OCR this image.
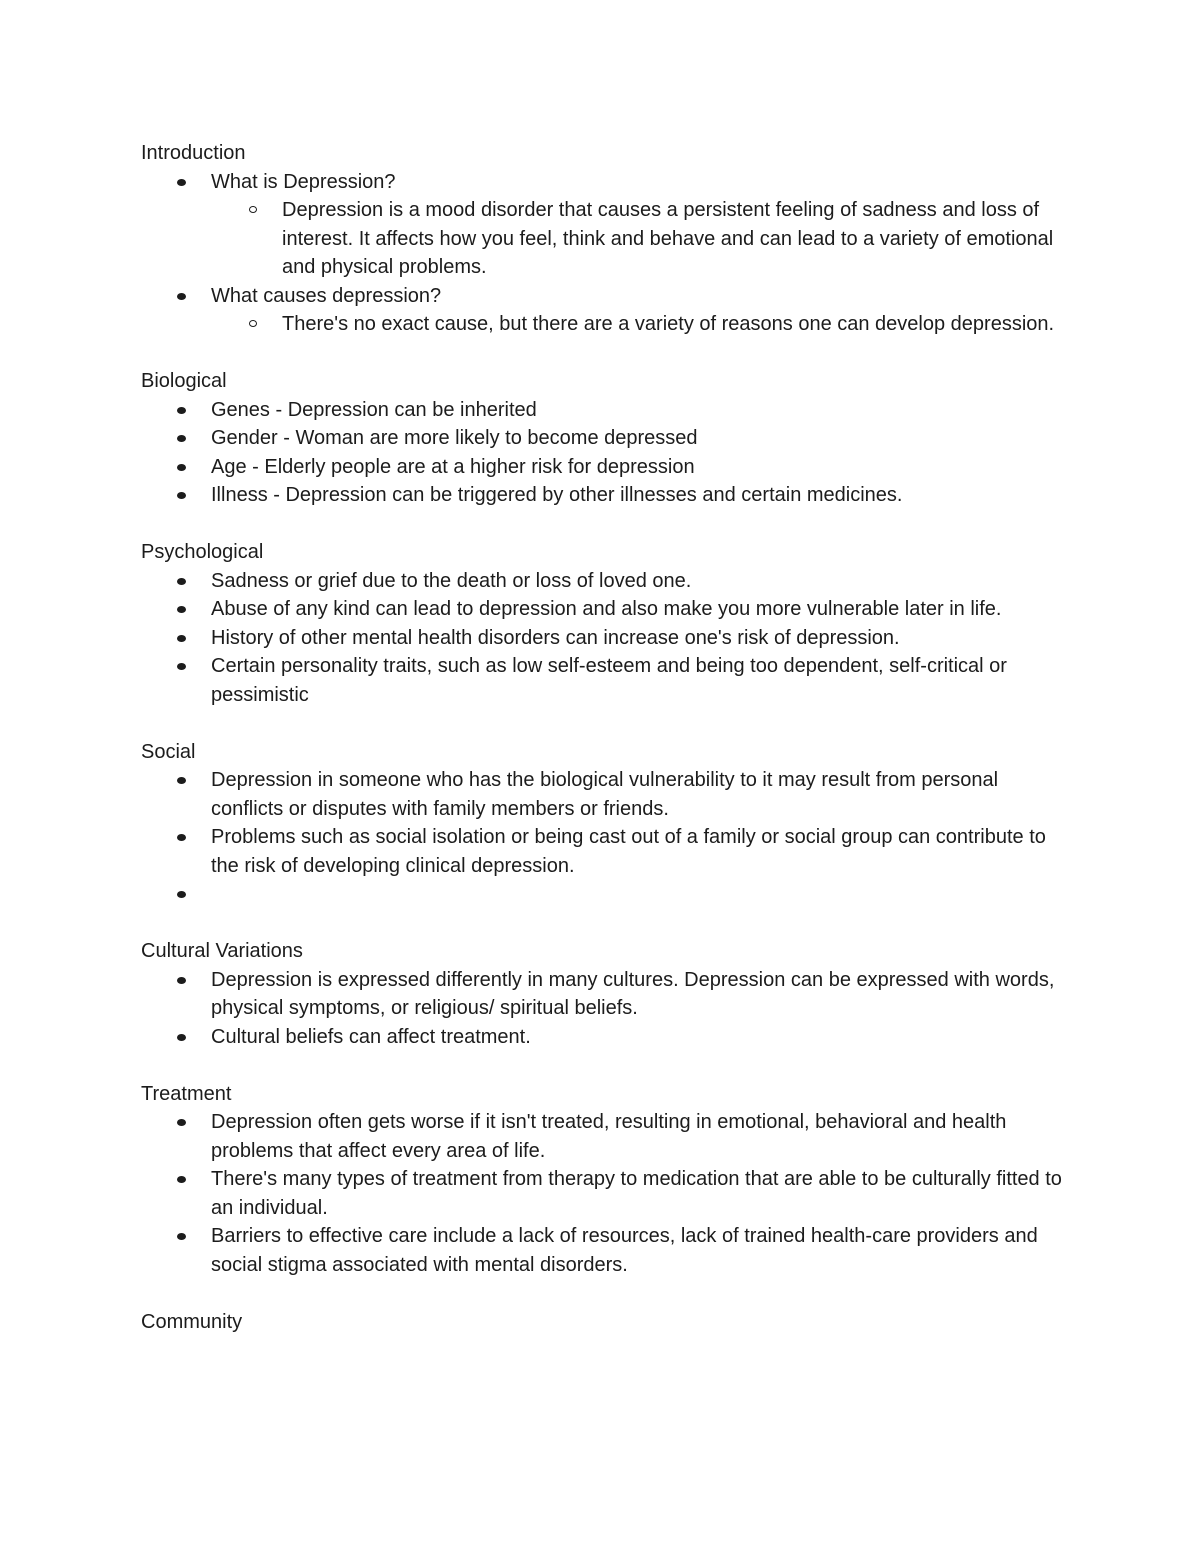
Introduction
What is Depression?
Depression is a mood disorder that causes a persistent feeling of sadness and loss of interest. It affects how you feel, think and behave and can lead to a variety of emotional and physical problems.
What causes depression?
There's no exact cause, but there are a variety of reasons one can develop depression.
Biological
Genes - Depression can be inherited
Gender - Woman are more likely to become depressed
Age - Elderly people are at a higher risk for depression
Illness - Depression can be triggered by other illnesses and certain medicines.
Psychological
Sadness or grief due to the death or loss of loved one.
Abuse of any kind can lead to depression and also make you more vulnerable later in life.
History of other mental health disorders can increase one's risk of depression.
Certain personality traits, such as low self-esteem and being too dependent, self-critical or pessimistic
Social
Depression in someone who has the biological vulnerability to it may result from personal conflicts or disputes with family members or friends.
Problems such as social isolation or being cast out of a family or social group can contribute to the risk of developing clinical depression.

Cultural Variations
Depression is expressed differently in many cultures. Depression can be expressed with words, physical symptoms, or religious/ spiritual beliefs.
Cultural beliefs can affect treatment.
Treatment
Depression often gets worse if it isn't treated, resulting in emotional, behavioral and health problems that affect every area of life.
There's many types of treatment from therapy to medication that are able to be culturally fitted to an individual.
Barriers to effective care include a lack of resources, lack of trained health-care providers and social stigma associated with mental disorders.
Community
